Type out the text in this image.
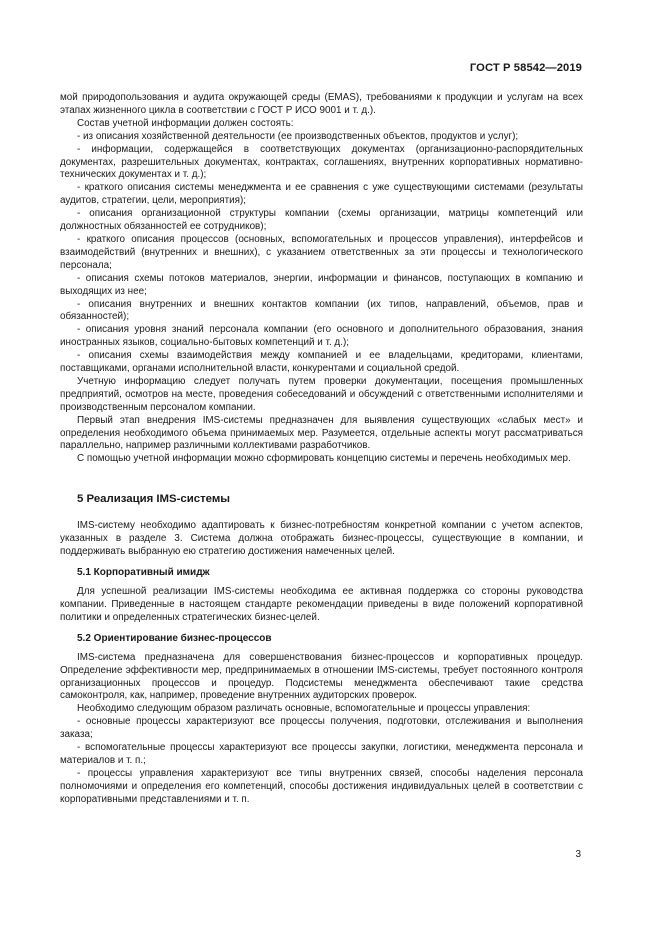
ГОСТ Р 58542—2019

мой природопользования и аудита окружающей среды (EMAS), требованиями к продукции и услугам на всех этапах жизненного цикла в соответствии с ГОСТ Р ИСО 9001 и т. д.).

Состав учетной информации должен состоять:

- из описания хозяйственной деятельности (ее производственных объектов, продуктов и услуг);

- информации, содержащейся в соответствующих документах (организационно-распорядительных документах, разрешительных документах, контрактах, соглашениях, внутренних корпоративных нормативно-технических документах и т. д.);

- краткого описания системы менеджмента и ее сравнения с уже существующими системами (результаты аудитов, стратегии, цели, мероприятия);

- описания организационной структуры компании (схемы организации, матрицы компетенций или должностных обязанностей ее сотрудников);

- краткого описания процессов (основных, вспомогательных и процессов управления), интерфейсов и взаимодействий (внутренних и внешних), с указанием ответственных за эти процессы и технологического персонала;

- описания схемы потоков материалов, энергии, информации и финансов, поступающих в компанию и выходящих из нее;

- описания внутренних и внешних контактов компании (их типов, направлений, объемов, прав и обязанностей);

- описания уровня знаний персонала компании (его основного и дополнительного образования, знания иностранных языков, социально-бытовых компетенций и т. д.);

- описания схемы взаимодействия между компанией и ее владельцами, кредиторами, клиентами, поставщиками, органами исполнительной власти, конкурентами и социальной средой.

Учетную информацию следует получать путем проверки документации, посещения промышленных предприятий, осмотров на месте, проведения собеседований и обсуждений с ответственными исполнителями и производственным персоналом компании.

Первый этап внедрения IMS-системы предназначен для выявления существующих «слабых мест» и определения необходимого объема принимаемых мер. Разумеется, отдельные аспекты могут рассматриваться параллельно, например различными коллективами разработчиков.

С помощью учетной информации можно сформировать концепцию системы и перечень необходимых мер.

5 Реализация IMS-системы

IMS-систему необходимо адаптировать к бизнес-потребностям конкретной компании с учетом аспектов, указанных в разделе 3. Система должна отображать бизнес-процессы, существующие в компании, и поддерживать выбранную ею стратегию достижения намеченных целей.

5.1 Корпоративный имидж

Для успешной реализации IMS-системы необходима ее активная поддержка со стороны руководства компании. Приведенные в настоящем стандарте рекомендации приведены в виде положений корпоративной политики и определенных стратегических бизнес-целей.

5.2 Ориентирование бизнес-процессов

IMS-система предназначена для совершенствования бизнес-процессов и корпоративных процедур. Определение эффективности мер, предпринимаемых в отношении IMS-системы, требует постоянного контроля организационных процессов и процедур. Подсистемы менеджмента обеспечивают такие средства самоконтроля, как, например, проведение внутренних аудиторских проверок.

Необходимо следующим образом различать основные, вспомогательные и процессы управления:

- основные процессы характеризуют все процессы получения, подготовки, отслеживания и выполнения заказа;

- вспомогательные процессы характеризуют все процессы закупки, логистики, менеджмента персонала и материалов и т. п.;

- процессы управления характеризуют все типы внутренних связей, способы наделения персонала полномочиями и определения его компетенций, способы достижения индивидуальных целей в соответствии с корпоративными представлениями и т. п.

3
